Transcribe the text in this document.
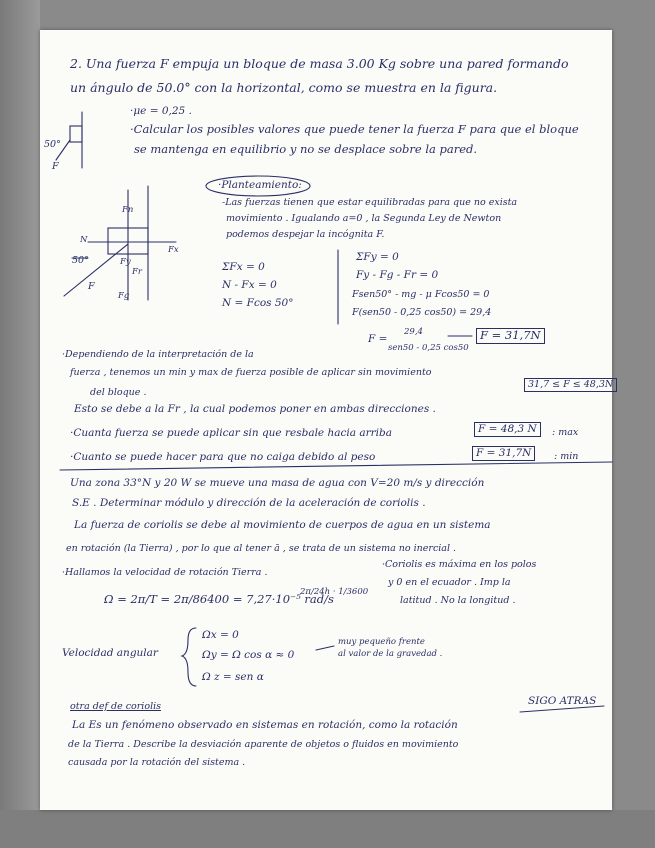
2. Una fuerza F empuja un bloque de masa 3.00 Kg sobre una pared formando
un ángulo de 50.0° con la horizontal, como se muestra en la figura.
·μe = 0,25 .
·Calcular los posibles valores que puede tener la fuerza F para que el bloque
se mantenga en equilibrio y no se desplace sobre la pared.
50°
F
·Planteamiento:
-Las fuerzas tienen que estar equilibradas para que no exista
movimiento . Igualando a=0 , la Segunda Ley de Newton
podemos despejar la incógnita F.
Fn
Fr
N
Fx
Fg
Fy
50°
F
ΣFx = 0
N - Fx = 0
N = Fcos 50°
ΣFy = 0
Fy - Fg - Fr = 0
Fsen50° - mg - μ Fcos50 = 0
F(sen50 - 0,25 cos50) = 29,4
F =
29,4
sen50 - 0,25 cos50
F = 31,7N
·Dependiendo de la interpretación de la
fuerza , tenemos un min y max de fuerza posible de aplicar sin movimiento
del bloque .
31,7 ≤ F ≤ 48,3N
Esto se debe a la Fr , la cual podemos poner en ambas direcciones .
·Cuanta fuerza se puede aplicar sin que resbale hacia arriba	F = 48,3 N	: max
·Cuanto se puede hacer para que no caiga debido al peso	F = 31,7N	: min
Una zona 33°N y 20 W se mueve una masa de agua con V=20 m/s y dirección
S.E . Determinar módulo y dirección de la aceleración de coriolis .
La fuerza de coriolis se debe al movimiento de cuerpos de agua en un sistema
en rotación (la Tierra) , por lo que al tener ā , se trata de un sistema no inercial .
·Hallamos la velocidad de rotación Tierra .
Ω = 2π/T = 2π/86400 = 7,27·10⁻⁵ rad/s
2π/24h · 1/3600
·Coriolis es máxima en los polos
y 0 en el ecuador . Imp la
latitud . No la longitud .
Velocidad angular
Ωx = 0
Ωy = Ω cos α ≈ 0
Ω z = sen α
muy pequeño frente
al valor de la gravedad .
SIGO ATRAS
otra def de coriolis
La Es un fenómeno observado en sistemas en rotación, como la rotación
de la Tierra . Describe la desviación aparente de objetos o fluidos en movimiento
causada por la rotación del sistema .
